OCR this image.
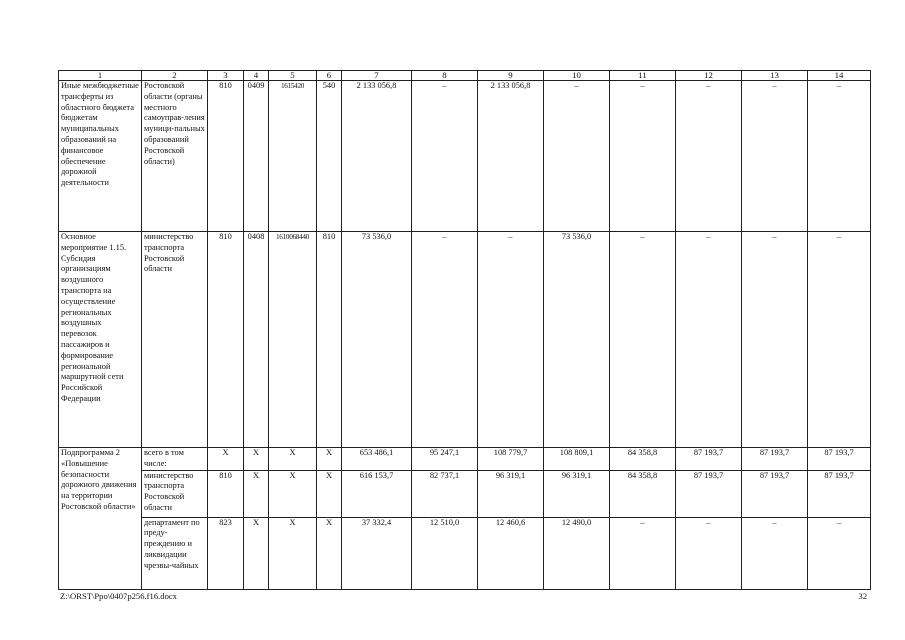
1	2	3	4	5	6	7	8	9	10	11	12	13	14
Иные межбюджетные трансферты из областного бюджета бюджетам муниципальных образований на финансовое обеспечение дорожной деятельности	Ростовской области (органы местного самоуправ-ления муници-пальных образований Ростовской области)	810	0409	1615420	540	2 133 056,8	–	2 133 056,8	–	–	–	–	–
Основное мероприятие 1.15. Субсидия организациям воздушного транспорта на осуществление региональных воздушных перевозок пассажиров и формирование региональной маршрутной сети Российской Федерации	министерство транспорта Ростовской области	810	0408	1610068440	810	73 536,0	–	–	73 536,0	–	–	–	–
Подпрограмма 2 «Повышение безопасности дорожного движения на территории Ростовской области»	всего в том числе:	X	X	X	X	653 486,1	95 247,1	108 779,7	108 809,1	84 358,8	87 193,7	87 193,7	87 193,7
	министерство транспорта Ростовской области	810	X	X	X	616 153,7	82 737,1	96 319,1	96 319,1	84 358,8	87 193,7	87 193,7	87 193,7
	департамент по преду-преждению и ликвидации чрезвы-чайных	823	X	X	X	37 332,4	12 510,0	12 460,6	12 490,0	–	–	–	–
Z:\ORST\Ppo\0407p256.f16.docx	32
